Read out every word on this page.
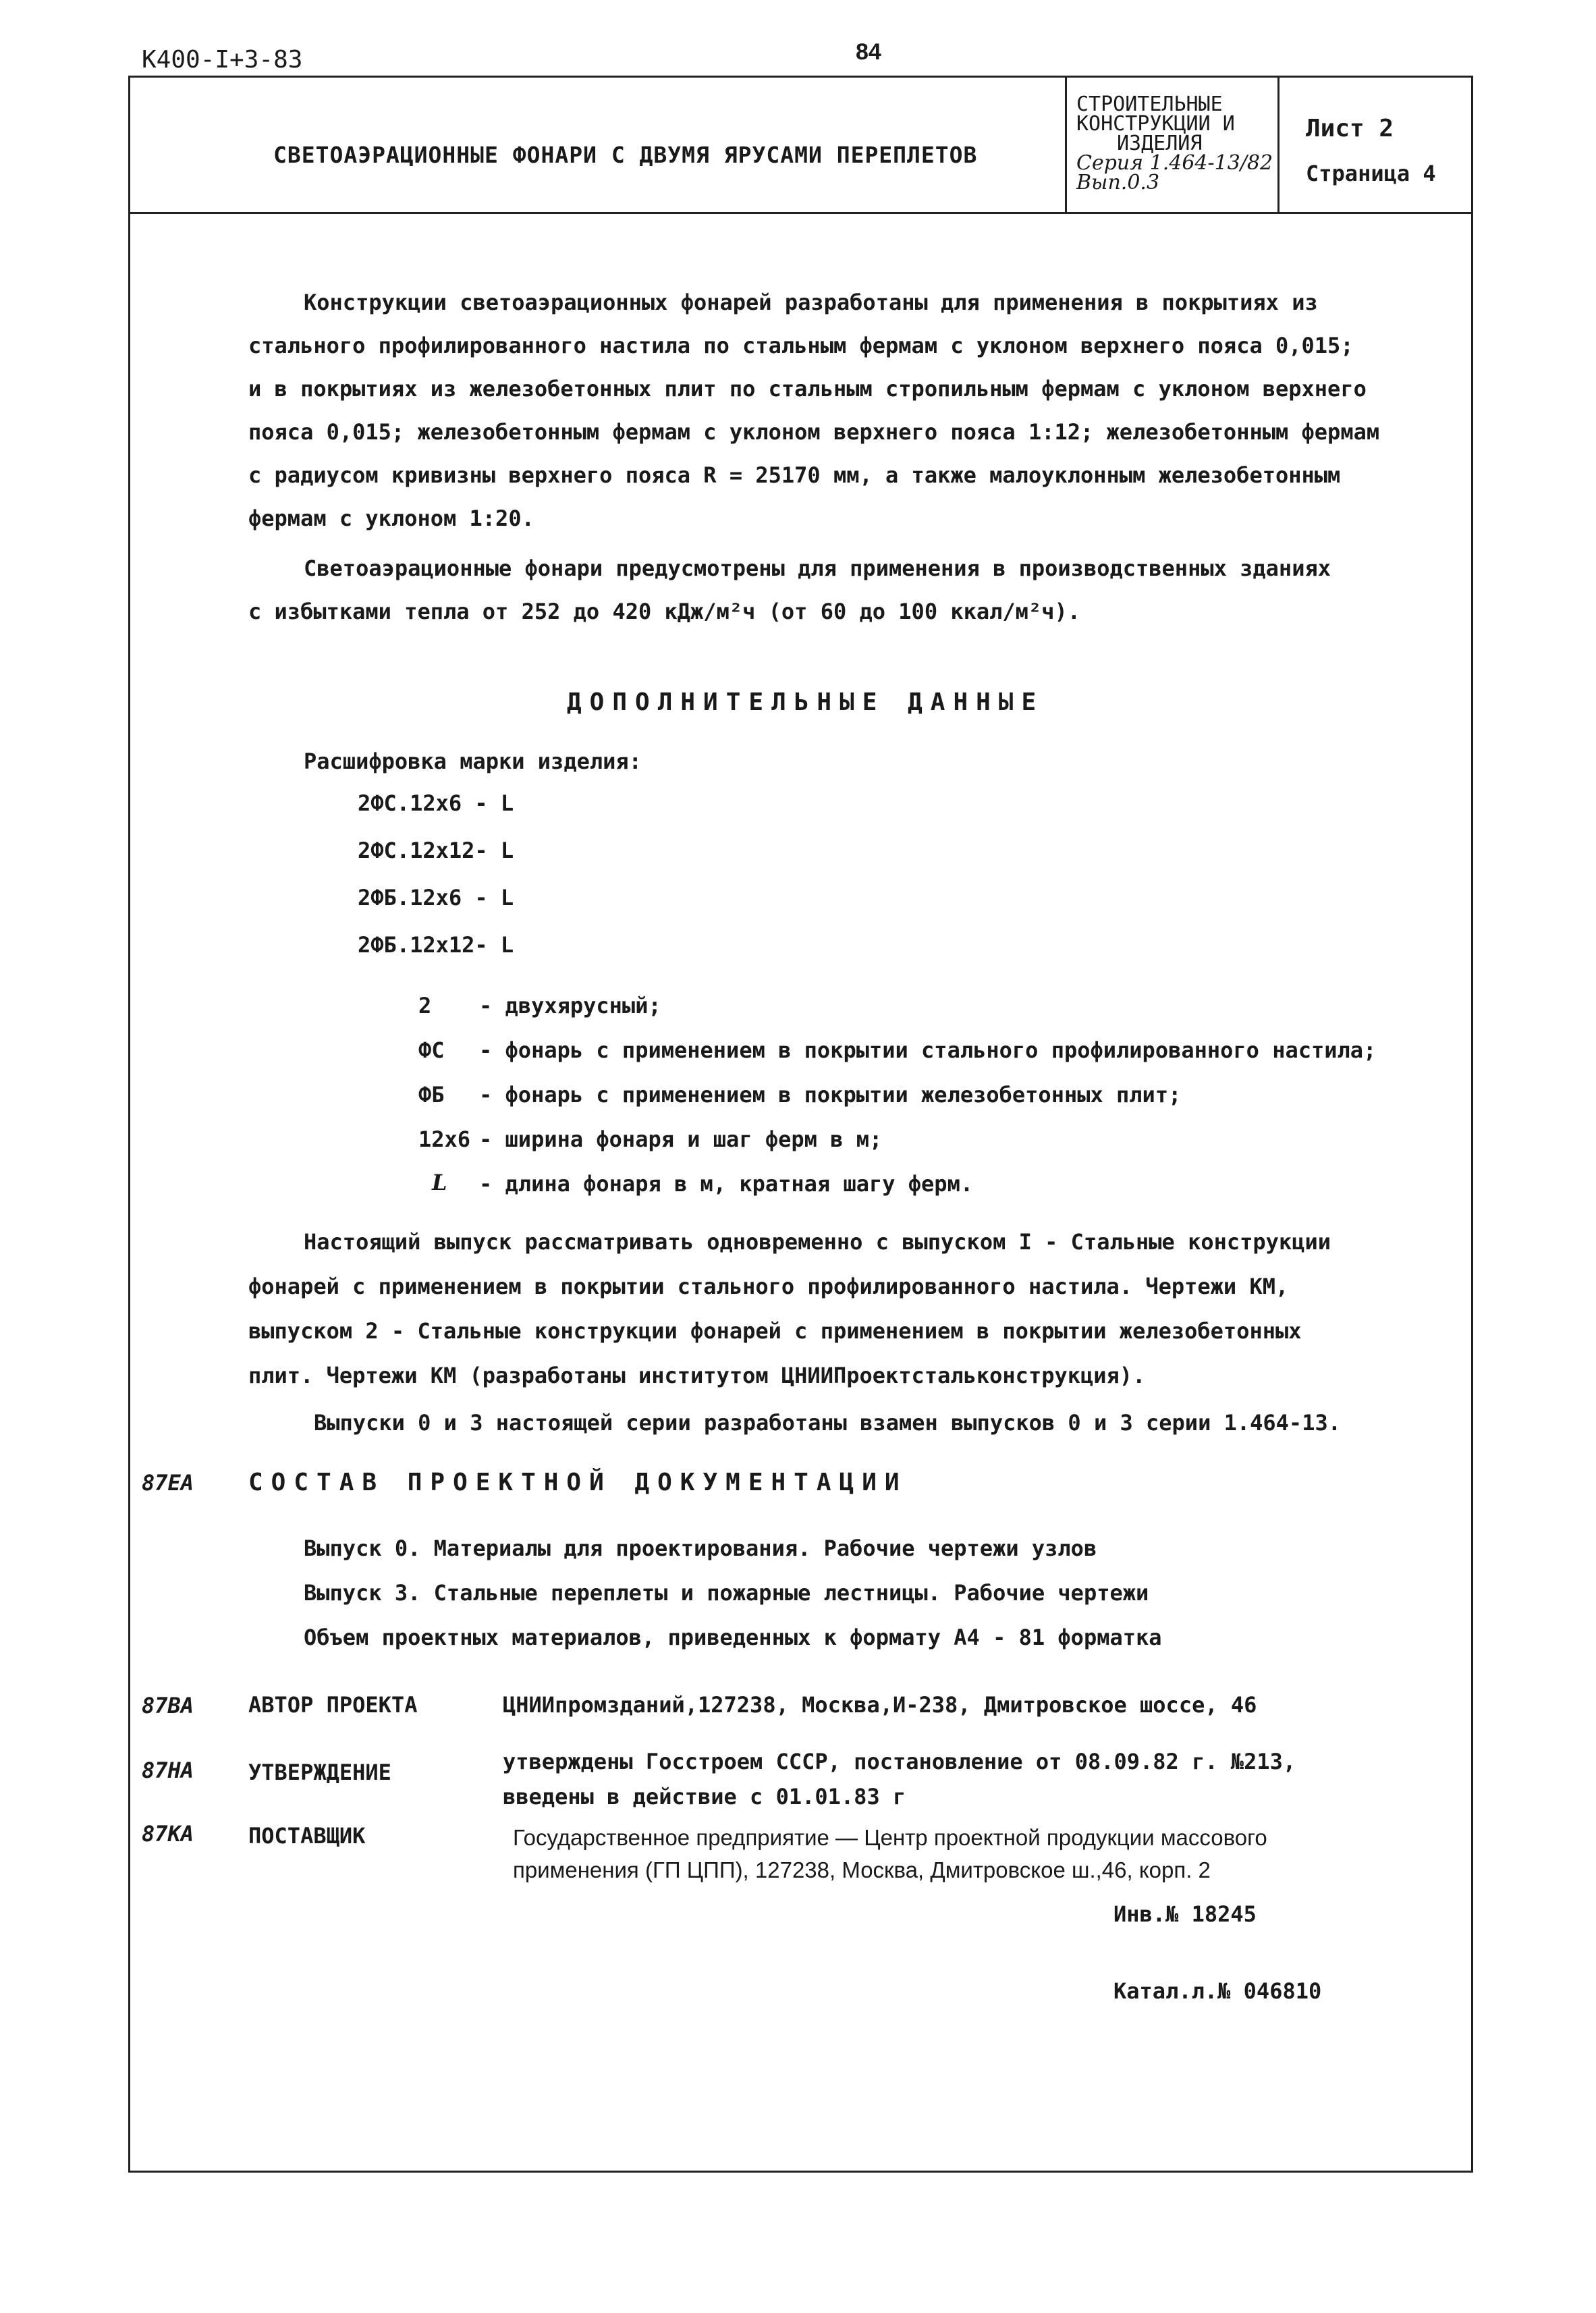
К400-I+3-83	84
СВЕТОАЭРАЦИОННЫЕ ФОНАРИ С ДВУМЯ ЯРУСАМИ ПЕРЕПЛЕТОВ
СТРОИТЕЛЬНЫЕ
КОНСТРУКЦИИ И
ИЗДЕЛИЯ
Серия 1.464-13/82
Вып.0.3
Лист 2
Страница 4
Конструкции светоаэрационных фонарей разработаны для применения в покрытиях из
стального профилированного настила по стальным фермам с уклоном верхнего пояса 0,015;
и в покрытиях из железобетонных плит по стальным стропильным фермам с уклоном верхнего
пояса 0,015; железобетонным фермам с уклоном верхнего пояса 1:12; железобетонным фермам
с радиусом кривизны верхнего пояса R = 25170 мм, а также малоуклонным железобетонным
фермам с уклоном 1:20.
Светоаэрационные фонари предусмотрены для применения в производственных зданиях
с избытками тепла от 252 до 420 кДж/м²ч (от 60 до 100 ккал/м²ч).
ДОПОЛНИТЕЛЬНЫЕ ДАННЫЕ
Расшифровка марки изделия:
2ФС.12х6 - L
2ФС.12х12- L
2ФБ.12х6 - L
2ФБ.12х12- L
2 - двухярусный;
ФС - фонарь с применением в покрытии стального профилированного настила;
ФБ - фонарь с применением в покрытии железобетонных плит;
12х6 - ширина фонаря и шаг ферм в м;
L - длина фонаря в м, кратная шагу ферм.
Настоящий выпуск рассматривать одновременно с выпуском I - Стальные конструкции
фонарей с применением в покрытии стального профилированного настила. Чертежи КМ,
выпуском 2 - Стальные конструкции фонарей с применением в покрытии железобетонных
плит. Чертежи КМ (разработаны институтом ЦНИИПроектстальконструкция).
Выпуски 0 и 3 настоящей серии разработаны взамен выпусков 0 и 3 серии 1.464-13.
87ЕА СОСТАВ ПРОЕКТНОЙ ДОКУМЕНТАЦИИ
Выпуск 0. Материалы для проектирования. Рабочие чертежи узлов
Выпуск 3. Стальные переплеты и пожарные лестницы. Рабочие чертежи
Объем проектных материалов, приведенных к формату А4 - 81 форматка
87ВА	АВТОР ПРОЕКТА	ЦНИИпромзданий,127238, Москва,И-238, Дмитровское шоссе, 46
87НА	УТВЕРЖДЕНИЕ	утверждены Госстроем СССР, постановление от 08.09.82 г. №213,
введены в действие с 01.01.83 г
87КА	ПОСТАВЩИК	Государственное предприятие — Центр проектной продукции массового
применения (ГП ЦПП), 127238, Москва, Дмитровское ш.,46, корп. 2
Инв.№ 18245
Катал.л.№ 046810
